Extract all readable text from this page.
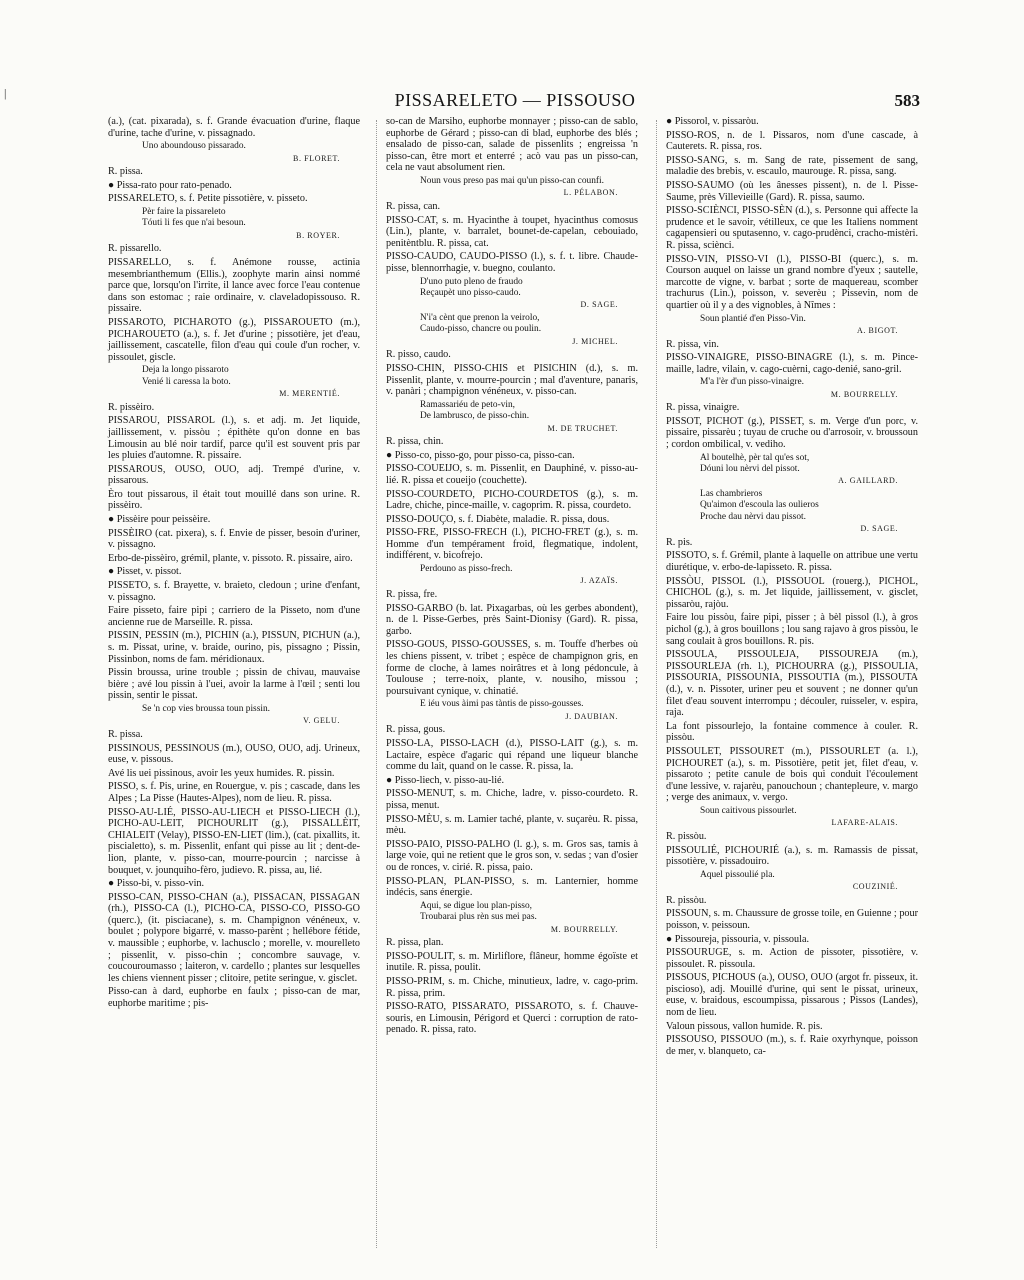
|	PISSARELETO — PISSOUSO	583

(a.), (cat. pixarada), s. f. Grande évacuation d'urine, flaque d'urine, tache d'urine, v. pissagnado.

Uno aboundouso pissarado.

B. FLORET.

R. pissa.

● Pissa-rato pour rato-penado.

PISSARELETO, s. f. Petite pissotière, v. pisseto.

Pèr faire la pissareleto

Tóuti li fes que n'ai besoun.

B. ROYER.

R. pissarello.

PISSARELLO, s. f. Anémone rousse, actinia mesembrianthemum (Ellis.), zoophyte marin ainsi nommé parce que, lorsqu'on l'irrite, il lance avec force l'eau contenue dans son estomac ; raie ordinaire, v. claveladopissouso. R. pissaire.

PISSAROTO, PICHAROTO (g.), PISSAROUETO (m.), PICHAROUETO (a.), s. f. Jet d'urine ; pissotière, jet d'eau, jaillissement, cascatelle, filon d'eau qui coule d'un rocher, v. pissoulet, giscle.

Deja la longo pissaroto

Venié li caressa la boto.

M. MERENTIÉ.

R. pissèiro.

PISSAROU, PISSAROL (l.), s. et adj. m. Jet liquide, jaillissement, v. pissòu ; épithète qu'on donne en bas Limousin au blé noir tardif, parce qu'il est souvent pris par les pluies d'automne. R. pissaire.

PISSAROUS, OUSO, OUO, adj. Trempé d'urine, v. pissarous.

Èro tout pissarous, il était tout mouillé dans son urine. R. pissèiro.

● Pissèire pour peissèire.

PISSÈIRO (cat. pixera), s. f. Envie de pisser, besoin d'uriner, v. pissagno.

Erbo-de-pissèiro, grémil, plante, v. pissoto. R. pissaire, airo.

● Pisset, v. pissot.

PISSETO, s. f. Brayette, v. braieto, cledoun ; urine d'enfant, v. pissagno.

Faire pisseto, faire pipi ; carriero de la Pisseto, nom d'une ancienne rue de Marseille. R. pissa.

PISSIN, PESSIN (m.), PICHIN (a.), PISSUN, PICHUN (a.), s. m. Pissat, urine, v. braide, ourino, pis, pissagno ; Pissin, Pissinbon, noms de fam. méridionaux.

Pissin broussa, urine trouble ; pissin de chivau, mauvaise bière ; avé lou pissin à l'uei, avoir la larme à l'œil ; senti lou pissin, sentir le pissat.

Se 'n cop vies broussa toun pissin.

V. GELU.

R. pissa.

PISSINOUS, PESSINOUS (m.), OUSO, OUO, adj. Urineux, euse, v. pissous.

Avé lis uei pissinous, avoir les yeux humides. R. pissin.

PISSO, s. f. Pis, urine, en Rouergue, v. pis ; cascade, dans les Alpes ; La Pisse (Hautes-Alpes), nom de lieu. R. pissa.

PISSO-AU-LIÉ, PISSO-AU-LIECH et PISSO-LIECH (l.), PICHO-AU-LEIT, PICHOURLIT (g.), PISSALLÈIT, CHIALEIT (Velay), PISSO-EN-LIET (lim.), (cat. pixallits, it. piscialetto), s. m. Pissenlit, enfant qui pisse au lit ; dent-de-lion, plante, v. pisso-can, mourre-pourcin ; narcisse à bouquet, v. jounquiho-fèro, judievo. R. pissa, au, lié.

● Pisso-bi, v. pisso-vin.

PISSO-CAN, PISSO-CHAN (a.), PISSACAN, PISSAGAN (rh.), PISSO-CA (l.), PICHO-CA, PISSO-CO, PISSO-GO (querc.), (it. pisciacane), s. m. Champignon vénéneux, v. boulet ; polypore bigarré, v. masso-parènt ; hellébore fétide, v. maussible ; euphorbe, v. lachusclo ; morelle, v. mourelleto ; pissenlit, v. pisso-chin ; concombre sauvage, v. coucouroumasso ; laiteron, v. cardello ; plantes sur lesquelles les chiens viennent pisser ; clitoire, petite seringue, v. gisclet.

Pisso-can à dard, euphorbe en faulx ; pisso-can de mar, euphorbe maritime ; pis-

so-can de Marsiho, euphorbe monnayer ; pisso-can de sablo, euphorbe de Gérard ; pisso-can di blad, euphorbe des blés ; ensalado de pisso-can, salade de pissenlits ; engreissa 'n pisso-can, être mort et enterré ; acò vau pas un pisso-can, cela ne vaut absolument rien.

Noun vous preso pas mai qu'un pisso-can counfi.

L. PÉLABON.

R. pissa, can.

PISSO-CAT, s. m. Hyacinthe à toupet, hyacinthus comosus (Lin.), plante, v. barralet, bounet-de-capelan, cebouiado, penitèntblu. R. pissa, cat.

PISSO-CAUDO, CAUDO-PISSO (l.), s. f. t. libre. Chaude-pisse, blennorrhagie, v. buegno, coulanto.

D'uno puto pleno de fraudo

Reçaupèt uno pisso-caudo.

D. SAGE.

N'i'a cènt que prenon la veirolo,

Caudo-pisso, chancre ou poulin.

J. MICHEL.

R. pisso, caudo.

PISSO-CHIN, PISSO-CHIS et PISICHIN (d.), s. m. Pissenlit, plante, v. mourre-pourcin ; mal d'aventure, panaris, v. panàri ; champignon vénéneux, v. pisso-can.

Ramassariéu de peto-vin,

De lambrusco, de pisso-chin.

M. DE TRUCHET.

R. pissa, chin.

● Pisso-co, pisso-go, pour pisso-ca, pisso-can.

PISSO-COUEIJO, s. m. Pissenlit, en Dauphiné, v. pisso-au-lié. R. pissa et coueijo (couchette).

PISSO-COURDETO, PICHO-COURDETOS (g.), s. m. Ladre, chiche, pince-maille, v. cagoprim. R. pissa, courdeto.

PISSO-DOUÇO, s. f. Diabète, maladie. R. pissa, dous.

PISSO-FRE, PISSO-FRECH (l.), PICHO-FRET (g.), s. m. Homme d'un tempérament froid, flegmatique, indolent, indifférent, v. bicofrejo.

Perdouno as pisso-frech.

J. AZAÏS.

R. pissa, fre.

PISSO-GARBO (b. lat. Pixagarbas, où les gerbes abondent), n. de l. Pisse-Gerbes, près Saint-Dionisy (Gard). R. pissa, garbo.

PISSO-GOUS, PISSO-GOUSSES, s. m. Touffe d'herbes où les chiens pissent, v. tribet ; espèce de champignon gris, en forme de cloche, à lames noirâtres et à long pédoncule, à Toulouse ; terre-noix, plante, v. nousiho, missou ; poursuivant cynique, v. chinatié.

E iéu vous àimi pas tàntis de pisso-gousses.

J. DAUBIAN.

R. pissa, gous.

PISSO-LA, PISSO-LACH (d.), PISSO-LAIT (g.), s. m. Lactaire, espèce d'agaric qui répand une liqueur blanche comme du lait, quand on le casse. R. pissa, la.

● Pisso-liech, v. pisso-au-lié.

PISSO-MENUT, s. m. Chiche, ladre, v. pisso-courdeto. R. pissa, menut.

PISSO-MÈU, s. m. Lamier taché, plante, v. suçarèu. R. pissa, mèu.

PISSO-PAIO, PISSO-PALHO (l. g.), s. m. Gros sas, tamis à large voie, qui ne retient que le gros son, v. sedas ; van d'osier ou de ronces, v. cirié. R. pissa, paio.

PISSO-PLAN, PLAN-PISSO, s. m. Lanternier, homme indécis, sans énergie.

Aqui, se digue lou plan-pisso,

Troubarai plus rèn sus mei pas.

M. BOURRELLY.

R. pissa, plan.

PISSO-POULIT, s. m. Mirliflore, flâneur, homme égoïste et inutile. R. pissa, poulit.

PISSO-PRIM, s. m. Chiche, minutieux, ladre, v. cago-prim. R. pissa, prim.

PISSO-RATO, PISSARATO, PISSAROTO, s. f. Chauve-souris, en Limousin, Périgord et Querci : corruption de rato-penado. R. pissa, rato.

● Pissorol, v. pissaròu.

PISSO-ROS, n. de l. Pissaros, nom d'une cascade, à Cauterets. R. pissa, ros.

PISSO-SANG, s. m. Sang de rate, pissement de sang, maladie des brebis, v. escaulo, maurouge. R. pissa, sang.

PISSO-SAUMO (où les ânesses pissent), n. de l. Pisse-Saume, près Villevieille (Gard). R. pissa, saumo.

PISSO-SCIÈNCI, PISSO-SÈN (d.), s. Personne qui affecte la prudence et le savoir, vétilleux, ce que les Italiens nomment cagapensieri ou sputasenno, v. cago-prudènci, cracho-mistèri. R. pissa, sciènci.

PISSO-VIN, PISSO-VI (l.), PISSO-BI (querc.), s. m. Courson auquel on laisse un grand nombre d'yeux ; sautelle, marcotte de vigne, v. barbat ; sorte de maquereau, scomber trachurus (Lin.), poisson, v. severèu ; Pissevin, nom de quartier où il y a des vignobles, à Nîmes :

Soun plantié d'en Pisso-Vin.

A. BIGOT.

R. pissa, vin.

PISSO-VINAIGRE, PISSO-BINAGRE (l.), s. m. Pince-maille, ladre, vilain, v. cago-cuèrni, cago-denié, sano-gril.

M'a l'èr d'un pisso-vinaigre.

M. BOURRELLY.

R. pissa, vinaigre.

PISSOT, PICHOT (g.), PISSET, s. m. Verge d'un porc, v. pissaire, pissarèu ; tuyau de cruche ou d'arrosoir, v. broussoun ; cordon ombilical, v. vediho.

Al boutelhè, pèr tal qu'es sot,

Dóuni lou nèrvi del pissot.

A. GAILLARD.

Las chambrieros

Qu'aimon d'escoula las oulieros

Proche dau nèrvi dau pissot.

D. SAGE.

R. pis.

PISSOTO, s. f. Grémil, plante à laquelle on attribue une vertu diurétique, v. erbo-de-lapisseto. R. pissa.

PISSÒU, PISSOL (l.), PISSOUOL (rouerg.), PICHOL, CHICHOL (g.), s. m. Jet liquide, jaillissement, v. gisclet, pissaròu, rajòu.

Faire lou pissòu, faire pipi, pisser ; à bèl pissol (l.), à gros pichol (g.), à gros bouillons ; lou sang rajavo à gros pissòu, le sang coulait à gros bouillons. R. pis.

PISSOULA, PISSOULEJA, PISSOUREJA (m.), PISSOURLEJA (rh. l.), PICHOURRA (g.), PISSOULIA, PISSOURIA, PISSOUNIA, PISSOUTIA (m.), PISSOUTA (d.), v. n. Pissoter, uriner peu et souvent ; ne donner qu'un filet d'eau souvent interrompu ; découler, ruisseler, v. espira, raja.

La font pissourlejo, la fontaine commence à couler. R. pissòu.

PISSOULET, PISSOURET (m.), PISSOURLET (a. l.), PICHOURET (a.), s. m. Pissotière, petit jet, filet d'eau, v. pissaroto ; petite canule de bois qui conduit l'écoulement d'une lessive, v. rajarèu, panouchoun ; chantepleure, v. margo ; verge des animaux, v. vergo.

Soun caitivous pissourlet.

LAFARE-ALAIS.

R. pissòu.

PISSOULIÉ, PICHOURIÉ (a.), s. m. Ramassis de pissat, pissotière, v. pissadouiro.

Aquel pissoulié pla.

COUZINIÉ.

R. pissòu.

PISSOUN, s. m. Chaussure de grosse toile, en Guienne ; pour poisson, v. peissoun.

● Pissoureja, pissouria, v. pissoula.

PISSOURUGE, s. m. Action de pissoter, pissotière, v. pissoulet. R. pissoula.

PISSOUS, PICHOUS (a.), OUSO, OUO (argot fr. pisseux, it. piscioso), adj. Mouillé d'urine, qui sent le pissat, urineux, euse, v. braidous, escoumpissa, pissarous ; Pissos (Landes), nom de lieu.

Valoun pissous, vallon humide. R. pis.

PISSOUSO, PISSOUO (m.), s. f. Raie oxyrhynque, poisson de mer, v. blanqueto, ca-
